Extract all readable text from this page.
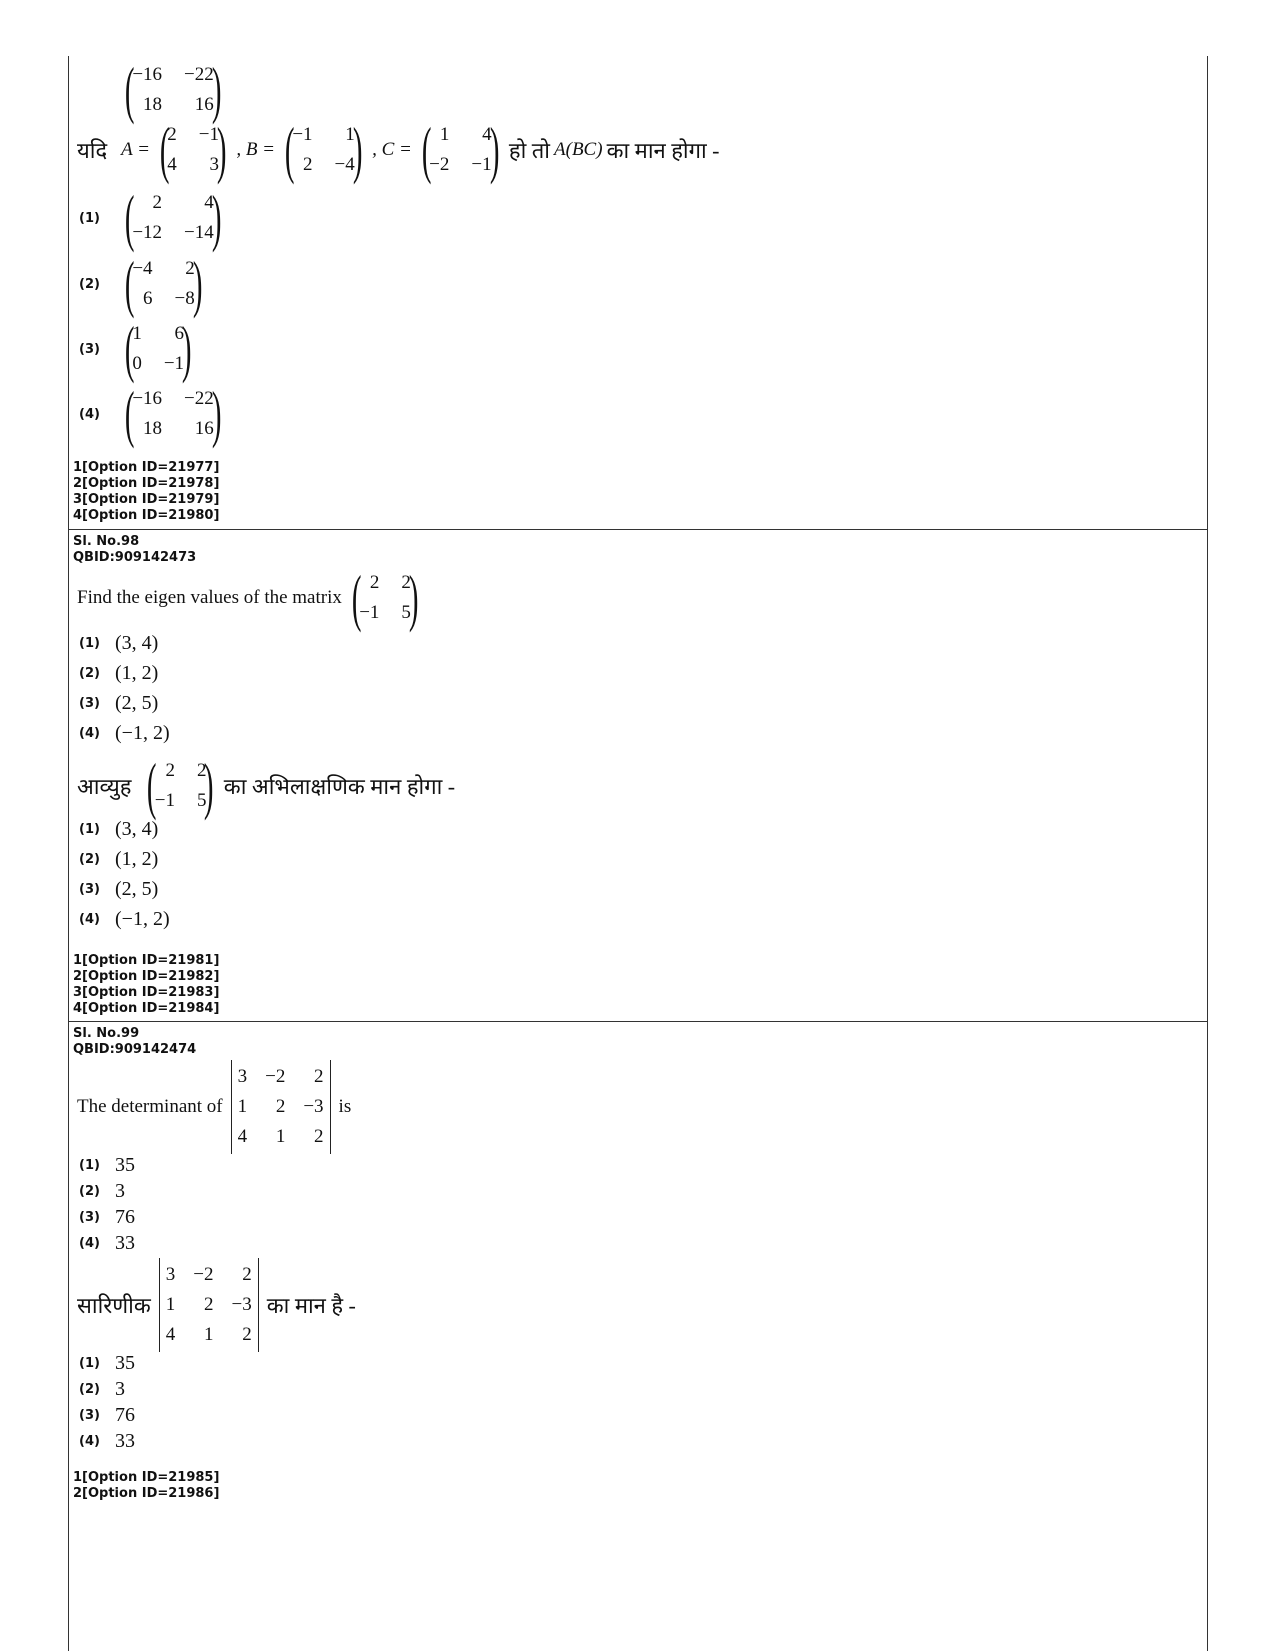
(
−16 −22
18	16
)
यदि A = (
2 −1
4	3
) , B = (
−1	1
2 −4
) , C = ( 1	4
−2 −1
) हो तो A(BC) का मान होगा -
(1) ( 2	4
−12 −14
)
(2) (
−4	2
6 −8
)
(3) (
1	6
0 −1
)
(4) (
−16 −22
18	16
)
1[Option ID=21977]
2[Option ID=21978]
3[Option ID=21979]
4[Option ID=21980]
Sl. No.98
QBID:909142473
Find the eigen values of the matrix ( 2 2
−1 5
)
(1) (3, 4)
(2) (1, 2)
(3) (2, 5)
(4) (−1, 2)
आव्युह ( 2 2
−1 5
) का अभिलाक्षणिक मान होगा -
(1) (3, 4)
(2) (1, 2)
(3) (2, 5)
(4) (−1, 2)
1[Option ID=21981]
2[Option ID=21982]
3[Option ID=21983]
4[Option ID=21984]
Sl. No.99
QBID:909142474
The determinant of
3 −2	2
1	2 −3
4	1	2
is
(1) 35
(2) 3
(3) 76
(4) 33
सारिणीक
3 −2	2
1	2 −3
4	1	2
का मान है -
(1) 35
(2) 3
(3) 76
(4) 33
1[Option ID=21985]
2[Option ID=21986]
